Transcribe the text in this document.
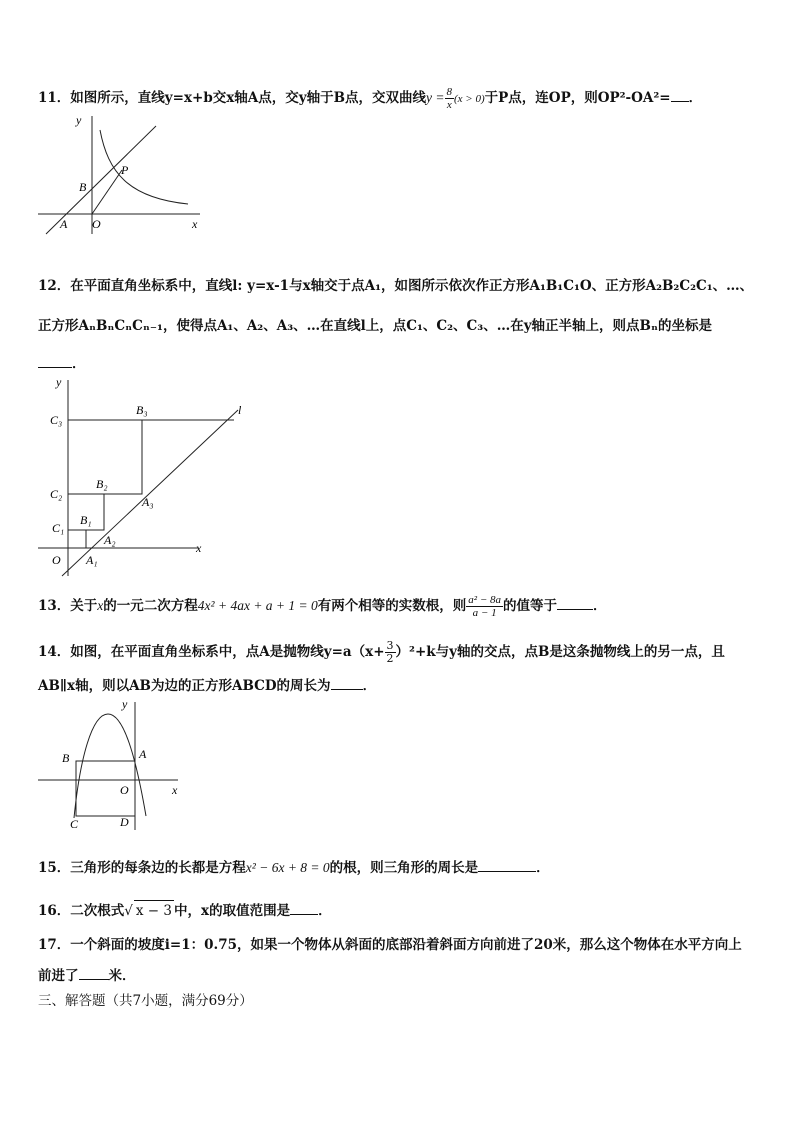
11．如图所示，直线y=x+b交x轴A点，交y轴于B点，交双曲线$y = \frac{8}{x} (x > 0)$于P点，连OP，则OP²-OA²= ．
y
x
B
P
A O
12．在平面直角坐标系中，直线l: y=x-1与x轴交于点A₁，如图所示依次作正方形A₁B₁C₁O、正方形A₂B₂C₂C₁、…、
正方形AₙBₙCₙCₙ₋₁，使得点A₁、A₂、A₃、…在直线l上，点C₁、C₂、C₃、…在y轴正半轴上，则点Bₙ的坐标是
．
y
l
C₃
B₃
C₂
B₂
A₃
C₁
B₁
A₂
O A₁
x
13．关于x的一元二次方程4x² + 4ax + a + 1 = 0有两个相等的实数根，则 $\frac{\text{a² − 8a}}{a - 1}$ 的值等于	．
14．如图，在平面直角坐标系中，点A是抛物线$y=a(x+ \frac{3}{2} )^2+k$与y轴的交点，点B是这条抛物线上的另一点，且
AB∥x轴，则以AB为边的正方形ABCD的周长为 ．
y
B	A
O	x
C	D
15．三角形的每条边的长都是方程x² − 6x + 8 = 0的根，则三角形的周长是	．
16．二次根式√ x − 3 中，x的取值范围是 ．
17．一个斜面的坡度i=1：0.75，如果一个物体从斜面的底部沿着斜面方向前进了20米，那么这个物体在水平方向上
前进了 米．
三、解答题（共7小题，满分69分）
